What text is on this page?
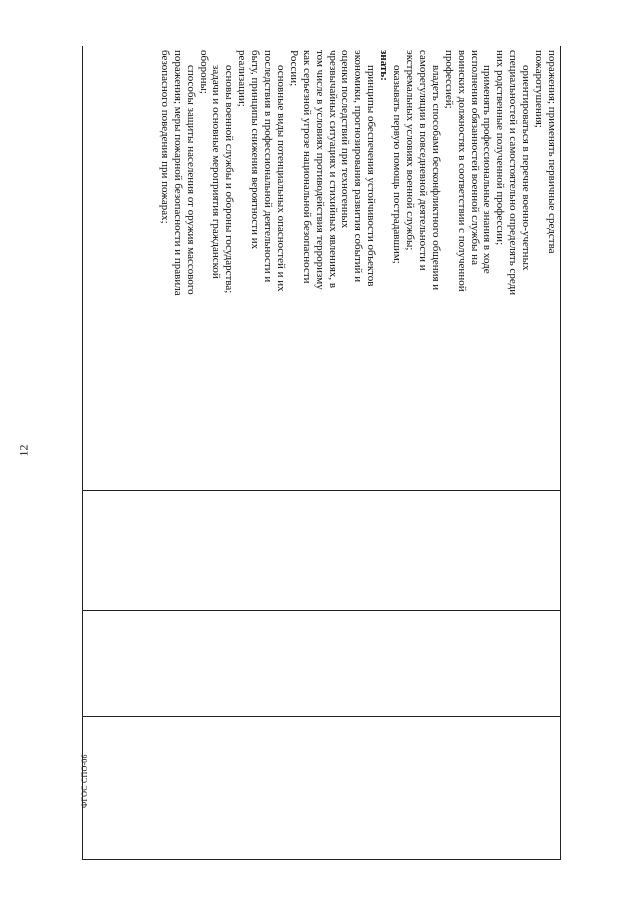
12
ФГОС СПО-06
поражения; применять первичные средства
пожаротушения;
ориентироваться в перечне военно-учетных
специальностей и самостоятельно определять среди
них родственные полученной профессии;
применять профессиональные знания в ходе
исполнения обязанностей военной службы на
воинских должностях в соответствии с полученной
профессией;
владеть способами бесконфликтного общения и
саморегуляции в повседневной деятельности и
экстремальных условиях военной службы;
оказывать первую помощь пострадавшим;
знать:
принципы обеспечения устойчивости объектов
экономики, прогнозирования развития событий и
оценки последствий при техногенных
чрезвычайных ситуациях и стихийных явлениях, в
том числе в условиях противодействия терроризму
как серьезной угрозе национальной безопасности
России;
основные виды потенциальных опасностей и их
последствия в профессиональной деятельности и
быту, принципы снижения вероятности их
реализации;
основы военной службы и обороны государства;
задачи и основные мероприятия гражданской
обороны;
способы защиты населения от оружия массового
поражения; меры пожарной безопасности и правила
безопасного поведения при пожарах;
